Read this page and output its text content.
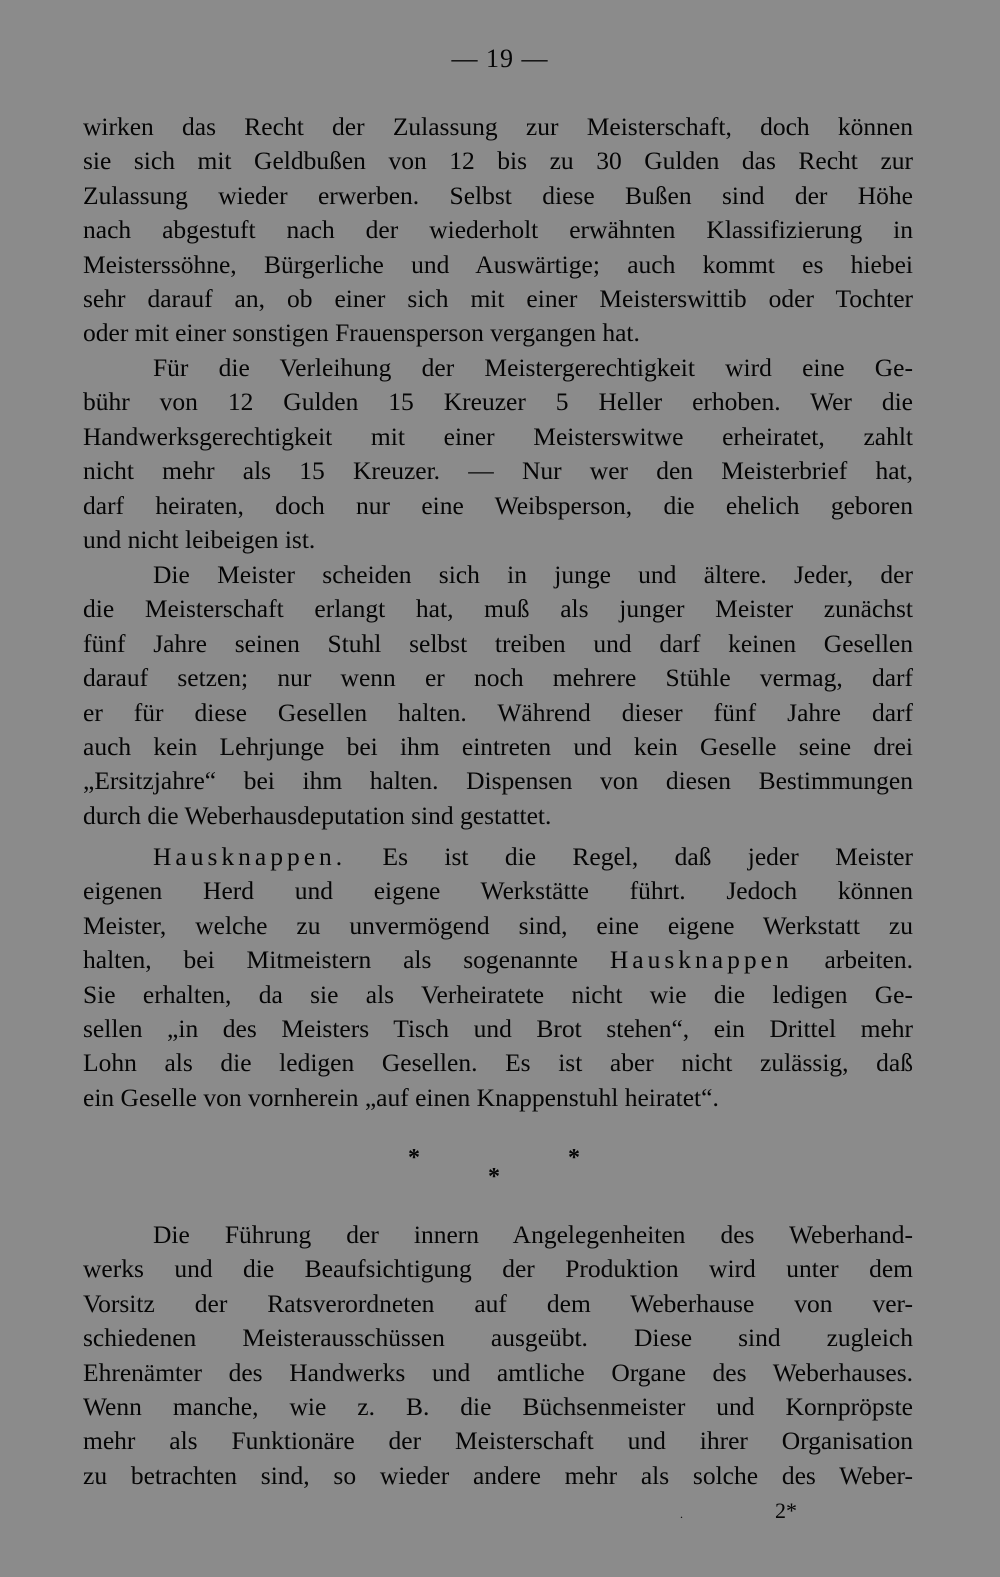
— 19 —
wirken das Recht der Zulassung zur Meisterschaft, doch können
sie sich mit Geldbußen von 12 bis zu 30 Gulden das Recht zur
Zulassung wieder erwerben. Selbst diese Bußen sind der Höhe
nach abgestuft nach der wiederholt erwähnten Klassifizierung in
Meisterssöhne, Bürgerliche und Auswärtige; auch kommt es hiebei
sehr darauf an, ob einer sich mit einer Meisterswittib oder Tochter
oder mit einer sonstigen Frauensperson vergangen hat.
Für die Verleihung der Meistergerechtigkeit wird eine Ge-
bühr von 12 Gulden 15 Kreuzer 5 Heller erhoben. Wer die
Handwerksgerechtigkeit mit einer Meisterswitwe erheiratet, zahlt
nicht mehr als 15 Kreuzer. — Nur wer den Meisterbrief hat,
darf heiraten, doch nur eine Weibsperson, die ehelich geboren
und nicht leibeigen ist.
Die Meister scheiden sich in junge und ältere. Jeder, der
die Meisterschaft erlangt hat, muß als junger Meister zunächst
fünf Jahre seinen Stuhl selbst treiben und darf keinen Gesellen
darauf setzen; nur wenn er noch mehrere Stühle vermag, darf
er für diese Gesellen halten. Während dieser fünf Jahre darf
auch kein Lehrjunge bei ihm eintreten und kein Geselle seine drei
„Ersitzjahre“ bei ihm halten. Dispensen von diesen Bestimmungen
durch die Weberhausdeputation sind gestattet.
Hausknappen. Es ist die Regel, daß jeder Meister
eigenen Herd und eigene Werkstätte führt. Jedoch können
Meister, welche zu unvermögend sind, eine eigene Werkstatt zu
halten, bei Mitmeistern als sogenannte Hausknappen arbeiten.
Sie erhalten, da sie als Verheiratete nicht wie die ledigen Ge-
sellen „in des Meisters Tisch und Brot stehen“, ein Drittel mehr
Lohn als die ledigen Gesellen. Es ist aber nicht zulässig, daß
ein Geselle von vornherein „auf einen Knappenstuhl heiratet“.
*	*
*
Die Führung der innern Angelegenheiten des Weberhand-
werks und die Beaufsichtigung der Produktion wird unter dem
Vorsitz der Ratsverordneten auf dem Weberhause von ver-
schiedenen Meisterausschüssen ausgeübt. Diese sind zugleich
Ehrenämter des Handwerks und amtliche Organe des Weberhauses.
Wenn manche, wie z. B. die Büchsenmeister und Kornpröpste
mehr als Funktionäre der Meisterschaft und ihrer Organisation
zu betrachten sind, so wieder andere mehr als solche des Weber-
.	2*
